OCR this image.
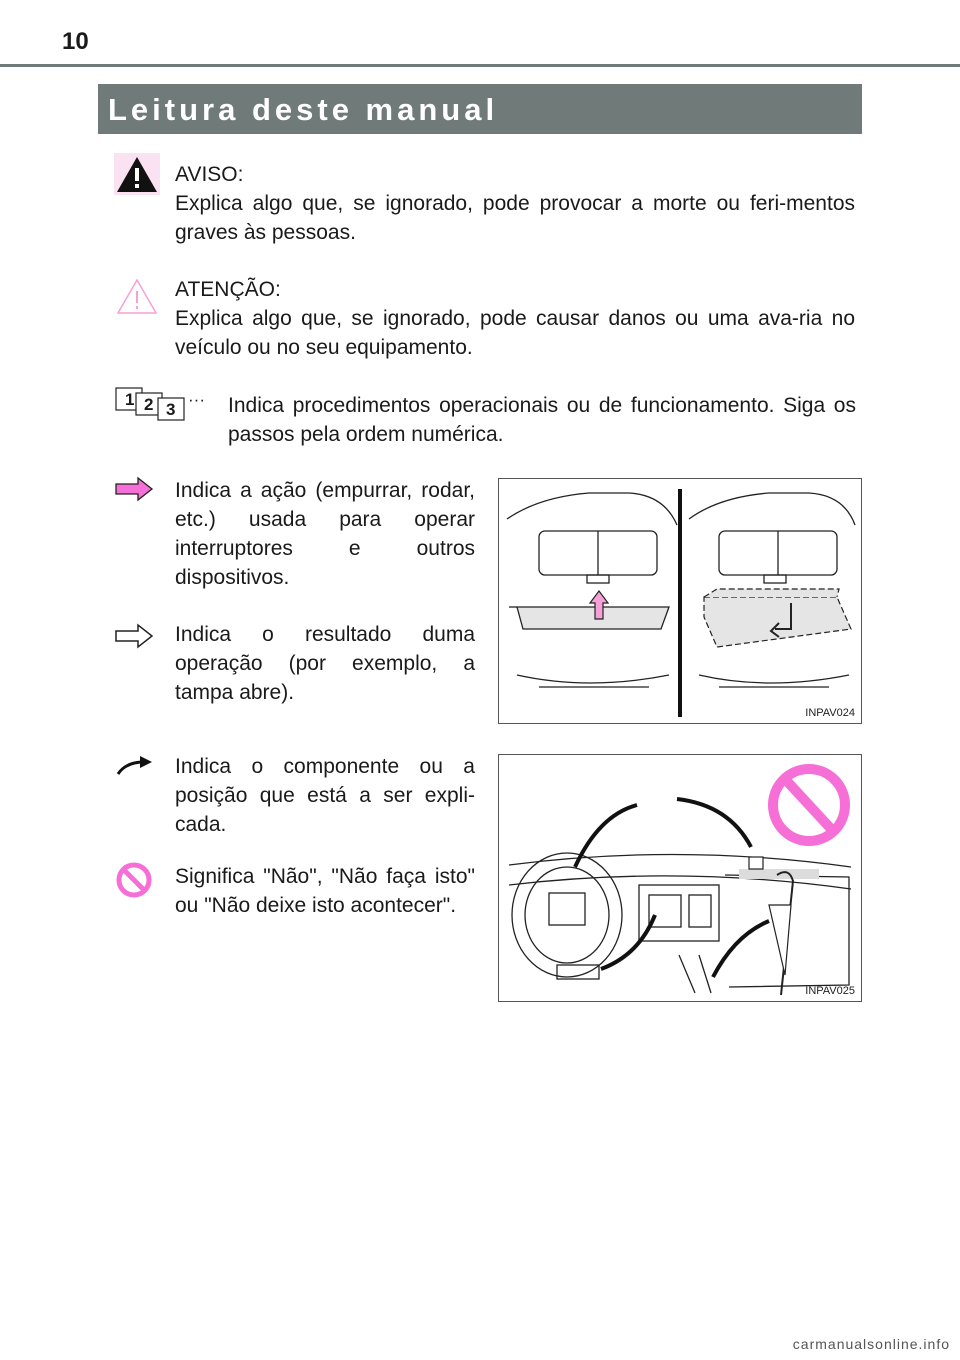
10
Leitura deste manual

AVISO:

Explica algo que, se ignorado, pode provocar a morte ou feri-mentos graves às pessoas.

ATENÇÃO:

Explica algo que, se ignorado, pode causar danos ou uma ava-ria no veículo ou no seu equipamento.

1 2 3
··· Indica procedimentos operacionais ou de funcionamento. Siga os passos pela ordem numérica.
Indica a ação (empurrar, rodar, etc.) usada para operar interruptores e outros dispositivos.
Indica o resultado duma operação (por exemplo, a tampa abre).
INPAV024
Indica o componente ou a posição que está a ser expli-cada.
Significa "Não", "Não faça isto" ou "Não deixe isto acontecer".
INPAV025
carmanualsonline.info
